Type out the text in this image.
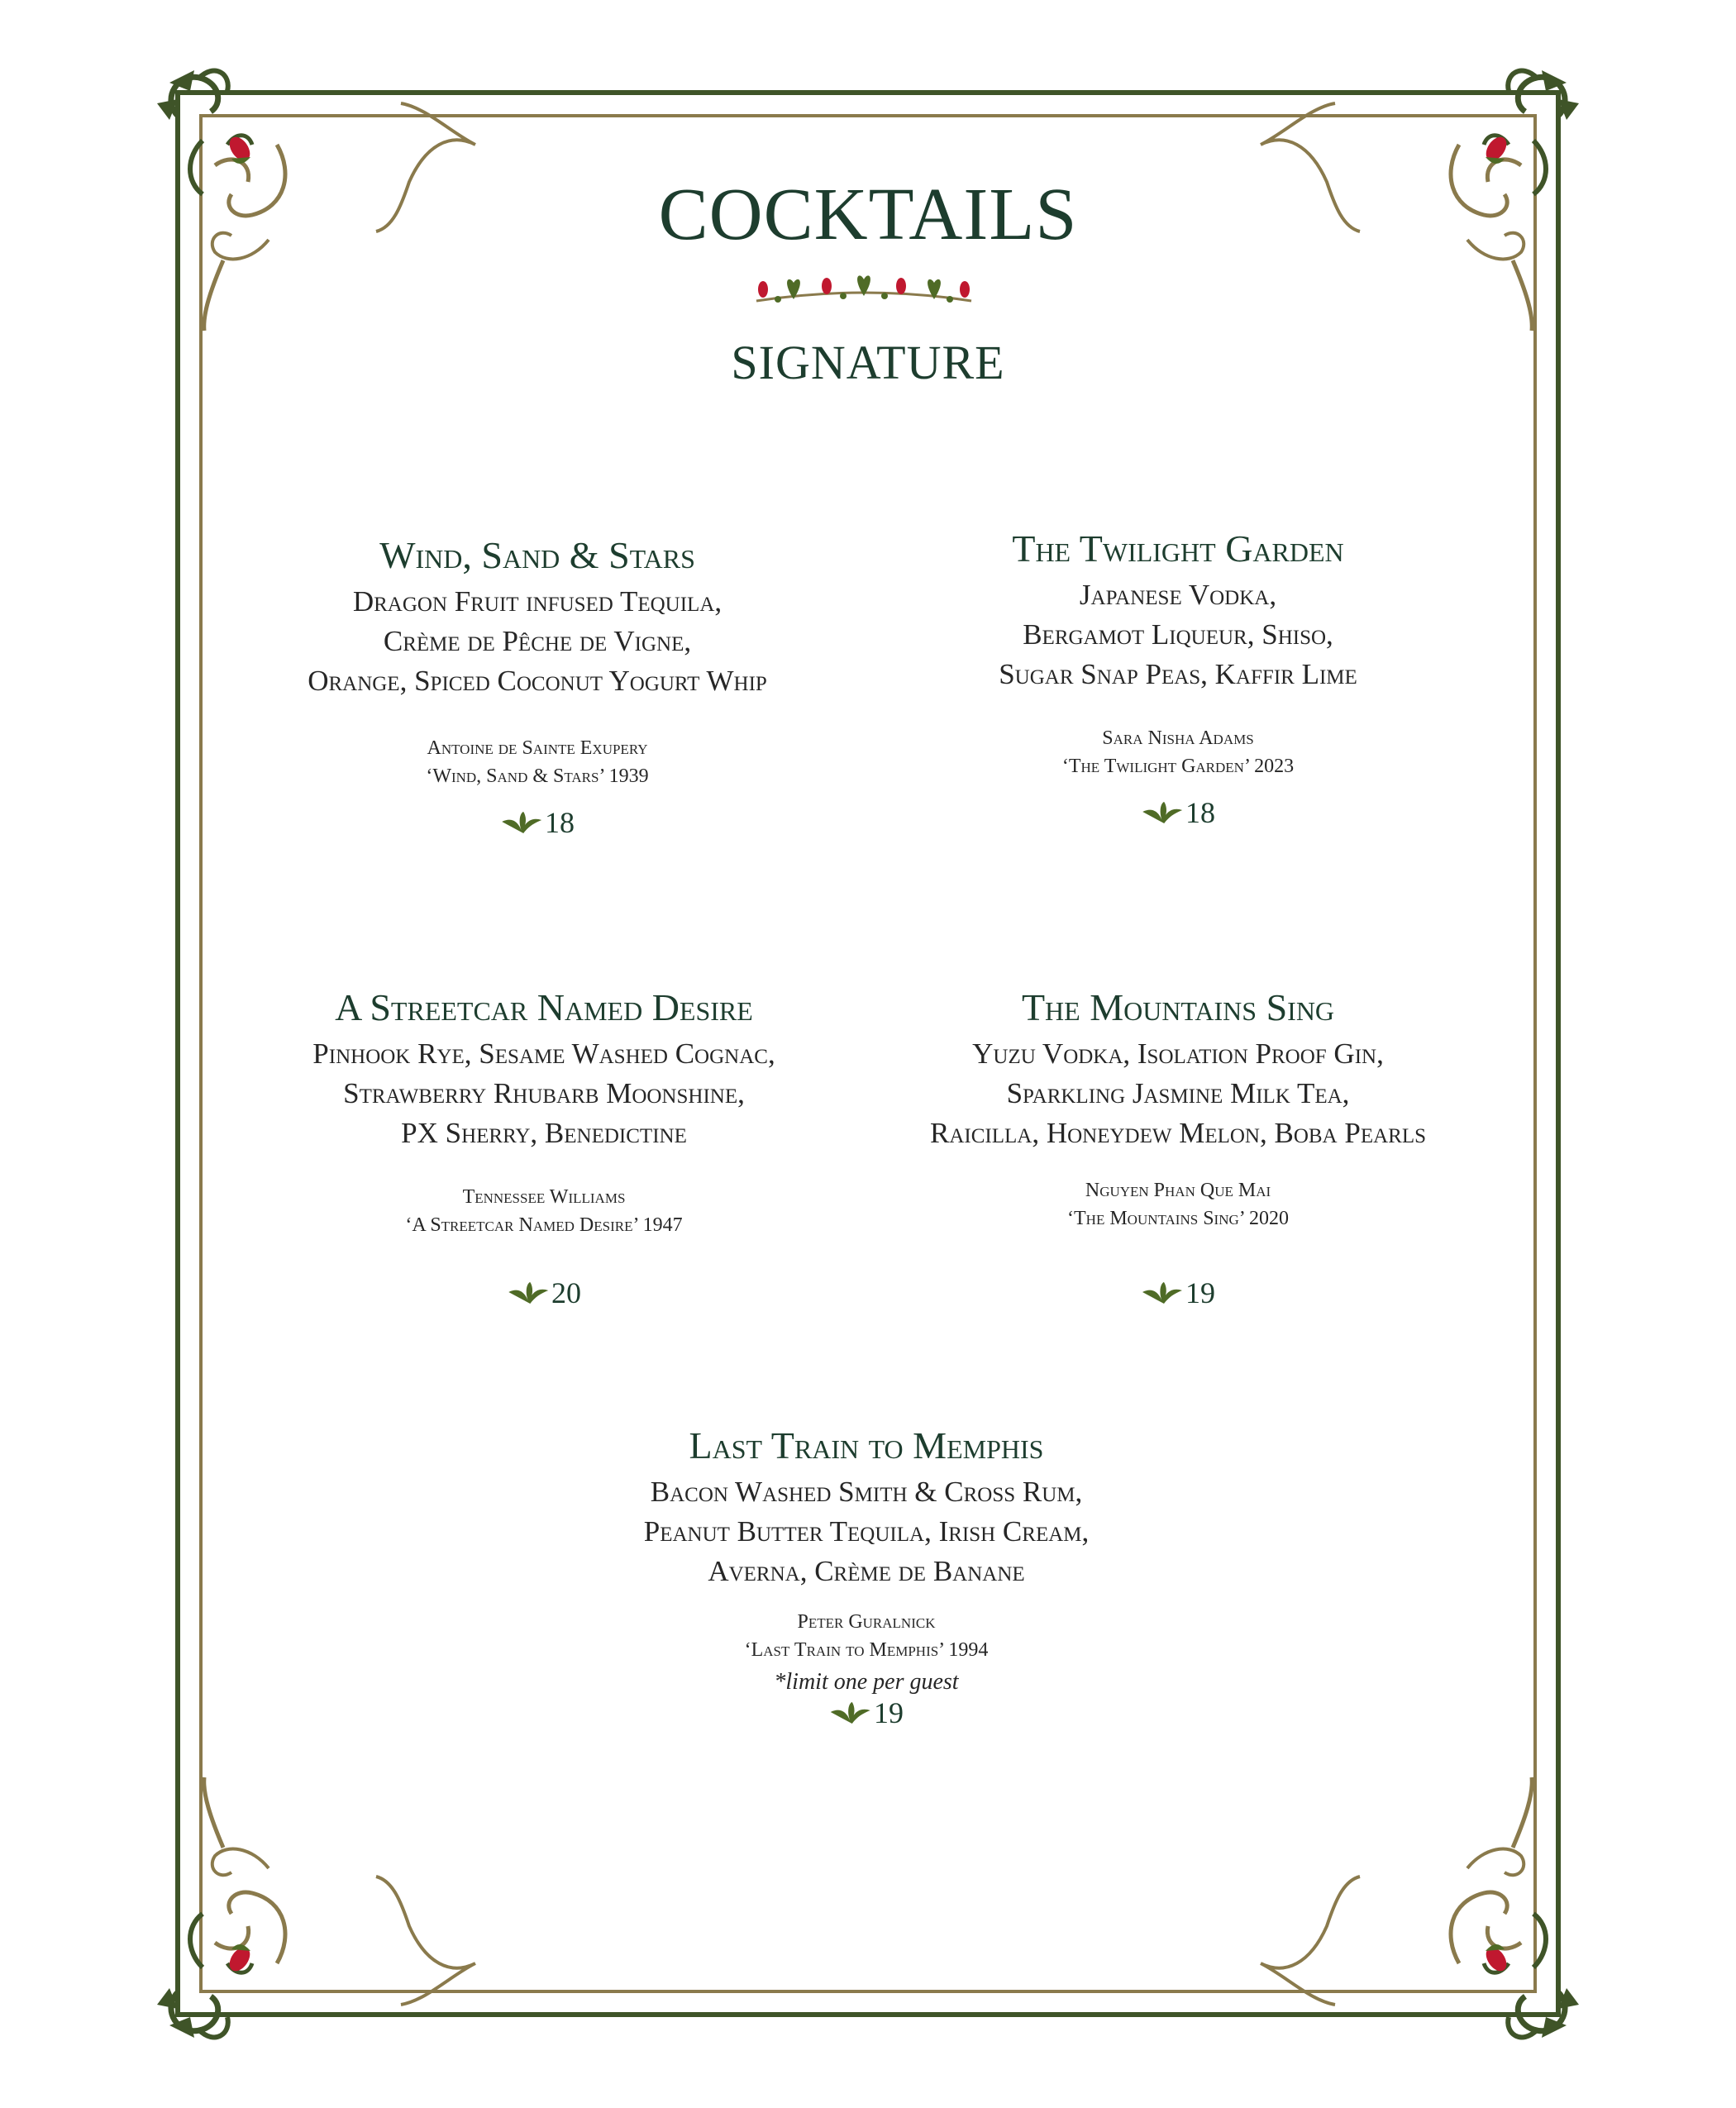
COCKTAILS
SIGNATURE
Wind, Sand & Stars
Dragon Fruit infused Tequila,
Crème de Pêche de Vigne,
Orange, Spiced Coconut Yogurt Whip
Antoine de Sainte Exupery
‘Wind, Sand & Stars’ 1939
18
The Twilight Garden
Japanese Vodka,
Bergamot Liqueur, Shiso,
Sugar Snap Peas, Kaffir Lime
Sara Nisha Adams
‘The Twilight Garden’ 2023
18
A Streetcar Named Desire
Pinhook Rye, Sesame Washed Cognac,
Strawberry Rhubarb Moonshine,
PX Sherry, Benedictine
Tennessee Williams
‘A Streetcar Named Desire’ 1947
20
The Mountains Sing
Yuzu Vodka, Isolation Proof Gin,
Sparkling Jasmine Milk Tea,
Raicilla, Honeydew Melon, Boba Pearls
Nguyen Phan Que Mai
‘The Mountains Sing’ 2020
19
Last Train to Memphis
Bacon Washed Smith & Cross Rum,
Peanut Butter Tequila, Irish Cream,
Averna, Crème de Banane
Peter Guralnick
‘Last Train to Memphis’ 1994
*limit one per guest
19
